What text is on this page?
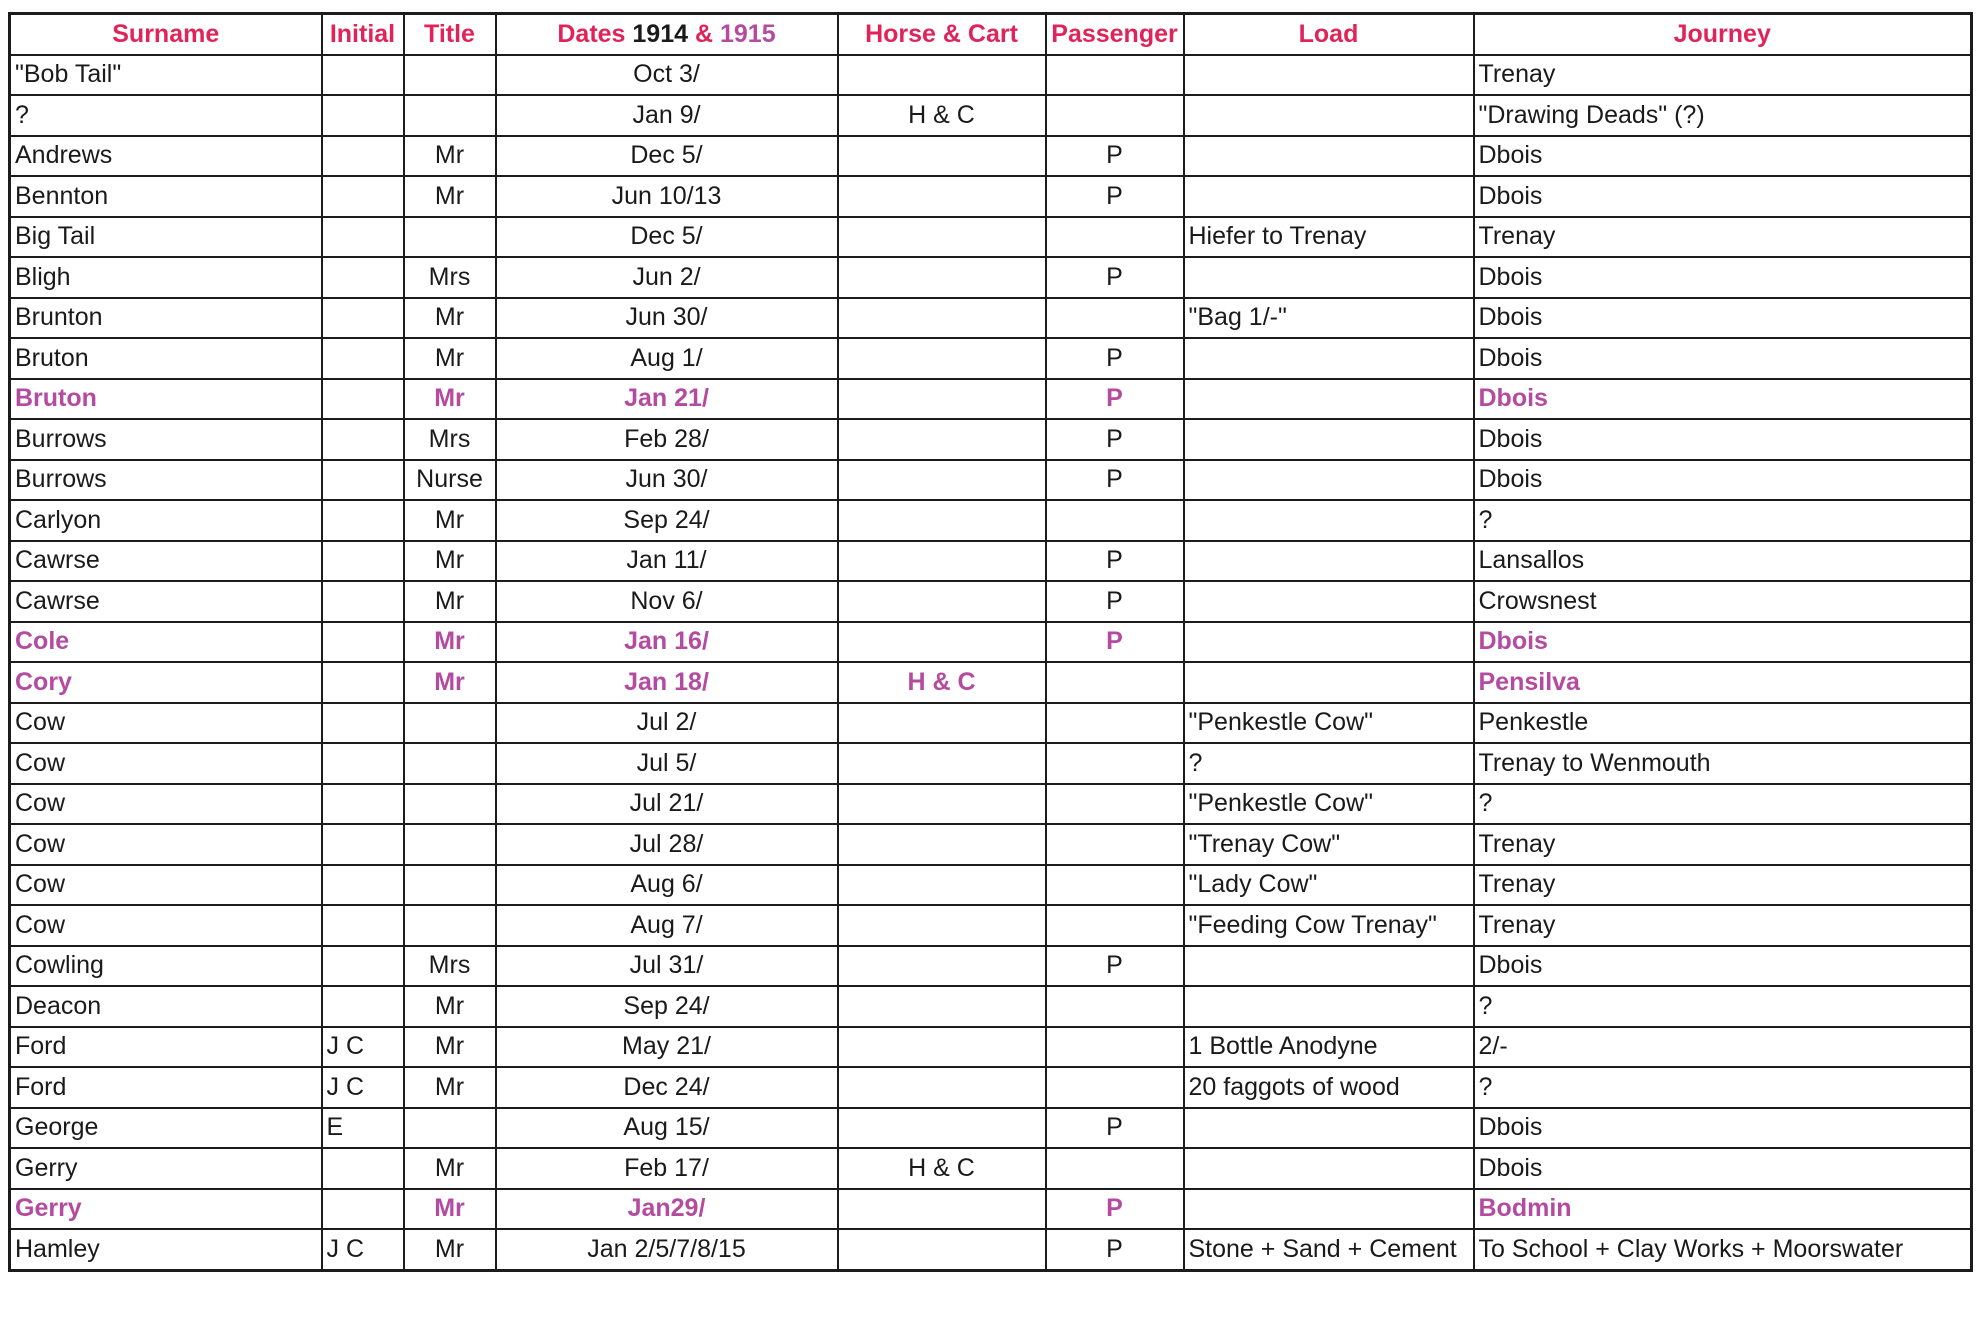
Surname	Initial	Title	Dates 1914 & 1915	Horse & Cart	Passenger	Load	Journey
"Bob Tail"			Oct 3/				Trenay
?			Jan 9/	H & C			"Drawing Deads" (?)
Andrews		Mr	Dec 5/		P		Dbois
Bennton		Mr	Jun 10/13		P		Dbois
Big Tail			Dec 5/			Hiefer to Trenay	Trenay
Bligh		Mrs	Jun 2/		P		Dbois
Brunton		Mr	Jun 30/			"Bag 1/-"	Dbois
Bruton		Mr	Aug 1/		P		Dbois
Bruton		Mr	Jan 21/		P		Dbois
Burrows		Mrs	Feb 28/		P		Dbois
Burrows		Nurse	Jun 30/		P		Dbois
Carlyon		Mr	Sep 24/				?
Cawrse		Mr	Jan 11/		P		Lansallos
Cawrse		Mr	Nov 6/		P		Crowsnest
Cole		Mr	Jan 16/		P		Dbois
Cory		Mr	Jan 18/	H & C			Pensilva
Cow			Jul 2/			"Penkestle Cow"	Penkestle
Cow			Jul 5/			?	Trenay to Wenmouth
Cow			Jul 21/			"Penkestle Cow"	?
Cow			Jul 28/			"Trenay Cow"	Trenay
Cow			Aug 6/			"Lady Cow"	Trenay
Cow			Aug 7/			"Feeding Cow Trenay"	Trenay
Cowling		Mrs	Jul 31/		P		Dbois
Deacon		Mr	Sep 24/				?
Ford	J C	Mr	May 21/			1 Bottle Anodyne	2/-
Ford	J C	Mr	Dec 24/			20 faggots of wood	?
George	E		Aug 15/		P		Dbois
Gerry		Mr	Feb 17/	H & C			Dbois
Gerry		Mr	Jan29/		P		Bodmin
Hamley	J C	Mr	Jan 2/5/7/8/15		P	Stone + Sand + Cement	To School + Clay Works + Moorswater
